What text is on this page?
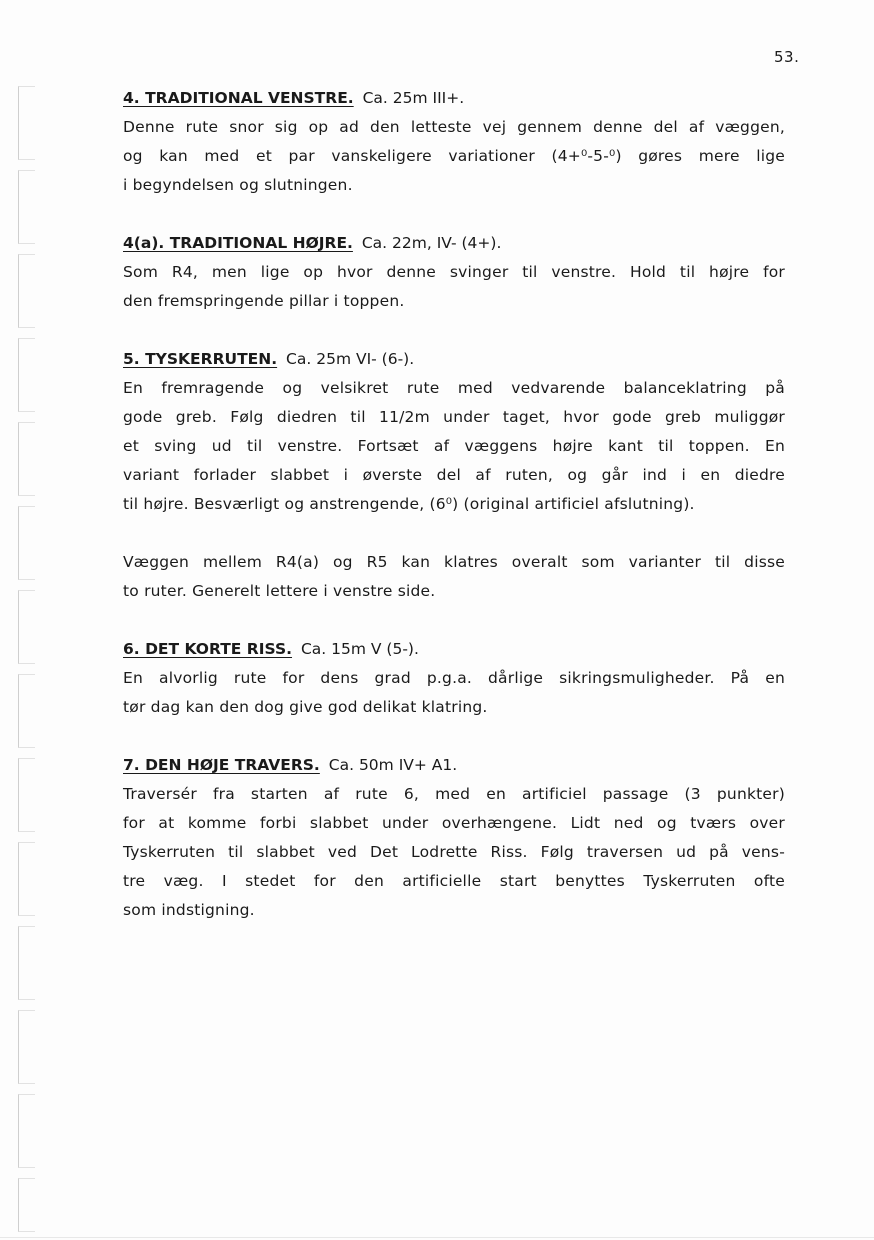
53.
4. TRADITIONAL VENSTRE. Ca. 25m III+.
Denne rute snor sig op ad den letteste vej gennem denne del af væggen,
og kan med et par vanskeligere variationer (4+⁰-5-⁰) gøres mere lige
i begyndelsen og slutningen.
4(a). TRADITIONAL HØJRE. Ca. 22m, IV- (4+).
Som R4, men lige op hvor denne svinger til venstre. Hold til højre for
den fremspringende pillar i toppen.
5. TYSKERRUTEN. Ca. 25m VI- (6-).
En fremragende og velsikret rute med vedvarende balanceklatring på
gode greb. Følg diedren til 11/2m under taget, hvor gode greb muliggør
et sving ud til venstre. Fortsæt af væggens højre kant til toppen. En
variant forlader slabbet i øverste del af ruten, og går ind i en diedre
til højre. Besværligt og anstrengende, (6⁰) (original artificiel afslutning).
Væggen mellem R4(a) og R5 kan klatres overalt som varianter til disse
to ruter. Generelt lettere i venstre side.
6. DET KORTE RISS. Ca. 15m V (5-).
En alvorlig rute for dens grad p.g.a. dårlige sikringsmuligheder. På en
tør dag kan den dog give god delikat klatring.
7. DEN HØJE TRAVERS. Ca. 50m IV+ A1.
Traversér fra starten af rute 6, med en artificiel passage (3 punkter)
for at komme forbi slabbet under overhængene. Lidt ned og tværs over
Tyskerruten til slabbet ved Det Lodrette Riss. Følg traversen ud på vens-
tre væg. I stedet for den artificielle start benyttes Tyskerruten ofte
som indstigning.
